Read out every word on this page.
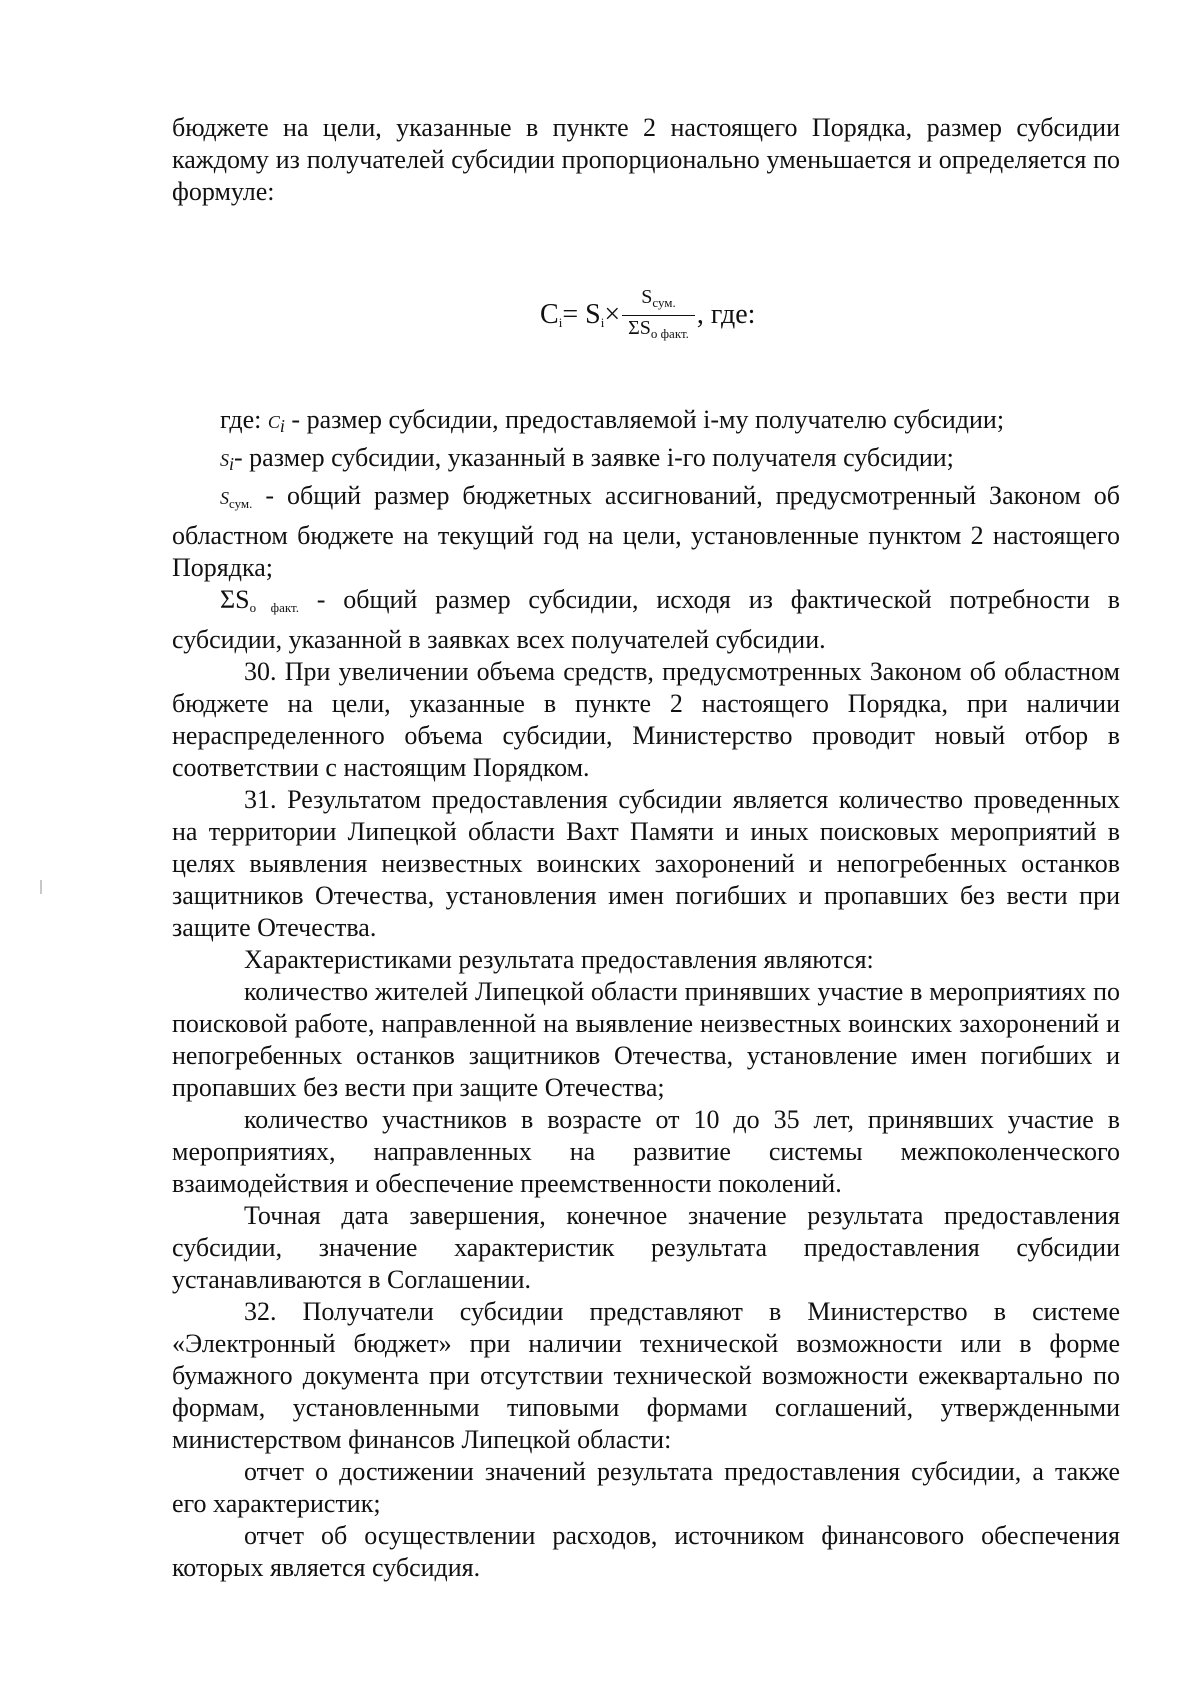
бюджете на цели, указанные в пункте 2 настоящего Порядка, размер субсидии каждому из получателей субсидии пропорционально уменьшается и определяется по формуле:

$C_i = S_i \times \frac{S_{сум.}}{\Sigma S_{о факт.}}$ , где:

где: $C_i$ - размер субсидии, предоставляемой i-му получателю субсидии;

$S_i-$ размер субсидии, указанный в заявке i-го получателя субсидии;

$S_{сум.}$ - общий размер бюджетных ассигнований, предусмотренный Законом об областном бюджете на текущий год на цели, установленные пунктом 2 настоящего Порядка;

$\Sigma S_{о факт.}$ - общий размер субсидии, исходя из фактической потребности в субсидии, указанной в заявках всех получателей субсидии.

30. При увеличении объема средств, предусмотренных Законом об областном бюджете на цели, указанные в пункте 2 настоящего Порядка, при наличии нераспределенного объема субсидии, Министерство проводит новый отбор в соответствии с настоящим Порядком.

31. Результатом предоставления субсидии является количество проведенных на территории Липецкой области Вахт Памяти и иных поисковых мероприятий в целях выявления неизвестных воинских захоронений и непогребенных останков защитников Отечества, установления имен погибших и пропавших без вести при защите Отечества.

Характеристиками результата предоставления являются:

количество жителей Липецкой области принявших участие в мероприятиях по поисковой работе, направленной на выявление неизвестных воинских захоронений и непогребенных останков защитников Отечества, установление имен погибших и пропавших без вести при защите Отечества;

количество участников в возрасте от 10 до 35 лет, принявших участие в мероприятиях, направленных на развитие системы межпоколенческого взаимодействия и обеспечение преемственности поколений.

Точная дата завершения, конечное значение результата предоставления субсидии, значение характеристик результата предоставления субсидии устанавливаются в Соглашении.

32. Получатели субсидии представляют в Министерство в системе «Электронный бюджет» при наличии технической возможности или в форме бумажного документа при отсутствии технической возможности ежеквартально по формам, установленными типовыми формами соглашений, утвержденными министерством финансов Липецкой области:

отчет о достижении значений результата предоставления субсидии, а также его характеристик;

отчет об осуществлении расходов, источником финансового обеспечения которых является субсидия.
